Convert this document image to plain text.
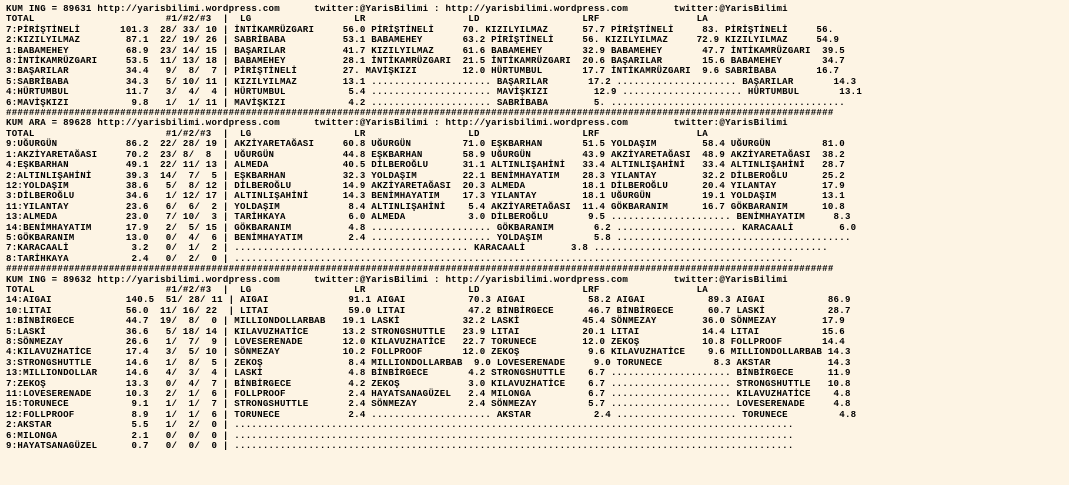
KUM ING = 89631 http://yarisbilimi.wordpress.com      twitter:@YarisBilimi : http://yarisbilimi.wordpress.com        twitter:@YarisBilimi
TOTAL                       #1/#2/#3  |  LG                  LR                  LD                  LRF                 LA
7:PİRİŞTİNELİ       101.3  28/ 33/ 10 | İNTİKAMRÜZGARI     56.0 PİRİŞTİNELİ     70. KIZILYILMAZ      57.7 PİRİŞTİNELİ     83. PİRİŞTİNELİ     56.
2:KIZILYILMAZ        87.1  22/ 19/ 26 | SABRİBABA          53.1 BABAMEHEY       63.2 PİRİŞTİNELİ     56. KIZILYILMAZ     72.9 KIZILYILMAZ     54.9
1:BABAMEHEY          68.9  23/ 14/ 15 | BAŞARILAR          41.7 KIZILYILMAZ     61.6 BABAMEHEY       32.9 BABAMEHEY       47.7 İNTİKAMRÜZGARI  39.5
8:İNTİKAMRÜZGARI     53.5  11/ 13/ 18 | BABAMEHEY          28.1 İNTİKAMRÜZGARI  21.5 İNTİKAMRÜZGARI  20.6 BAŞARILAR       15.6 BABAMEHEY       34.7
3:BAŞARILAR          34.4   9/  8/  7 | PİRİŞTİNELİ        27. MAVİŞKIZI        12.0 HÜRTUMBUL       17.7 İNTİKAMRÜZGARI  9.6 SABRİBABA       16.7
5:SABRİBABA          34.3   5/ 10/ 11 | KIZILYILMAZ        13.1 ..................... BAŞARILAR       17.2 ..................... BAŞARILAR       14.3
4:HÜRTUMBUL          11.7   3/  4/  4 | HÜRTUMBUL           5.4 ..................... MAVİŞKIZI        12.9 ..................... HÜRTUMBUL       13.1
6:MAVİŞKIZI           9.8   1/  1/ 11 | MAVİŞKIZI           4.2 ..................... SABRİBABA        5. .........................................
#################################################################################################################################################
KUM ARA = 89628 http://yarisbilimi.wordpress.com      twitter:@YarisBilimi : http://yarisbilimi.wordpress.com        twitter:@YarisBilimi
TOTAL                       #1/#2/#3  |  LG                  LR                  LD                  LRF                 LA
9:UĞURGÜN            86.2  22/ 28/ 19 | AKZİYARETAĞASI     60.8 UĞURGÜN         71.0 EŞKBARHAN       51.5 YOLDAŞIM        58.4 UĞURGÜN         81.0
1:AKZİYARETAĞASI     70.2  23/ 8/  8  | UĞURGÜN            44.8 EŞKBARHAN       58.9 UĞURGÜN         43.9 AKZİYARETAĞASI  48.9 AKZİYARETAĞASI  38.2
4:EŞKBARHAN          49.1  22/ 11/ 13 | ALMEDA             40.5 DİLBEROĞLU      31.1 ALTINLIŞAHİNİ   33.4 ALTINLIŞAHİNİ   33.4 ALTINLIŞAHİNİ   28.7
2:ALTINLIŞAHİNİ      39.3  14/  7/  5 | EŞKBARHAN          32.3 YOLDAŞIM        22.1 BENİMHAYATIM    28.3 YILANTAY        32.2 DİLBEROĞLU      25.2
12:YOLDAŞIM          38.6   5/  8/ 12 | DİLBEROĞLU         14.9 AKZİYARETAĞASI  20.3 ALMEDA          18.1 DİLBEROĞLU      20.4 YILANTAY        17.9
3:DİLBEROĞLU         34.6   1/ 12/ 17 | ALTINLIŞAHİNİ      14.3 BENİMHAYATIM    17.3 YILANTAY        18.1 UĞURGÜN         19.1 YOLDAŞIM        13.1
11:YILANTAY          23.6   6/  6/  2 | YOLDAŞIM            8.4 ALTINLIŞAHİNİ    5.4 AKZİYARETAĞASI  11.4 GÖKBARANIM      16.7 GÖKBARANIM      10.8
13:ALMEDA            23.0   7/ 10/  3 | TARİHKAYA           6.0 ALMEDA           3.0 DİLBEROĞLU       9.5 ..................... BENİMHAYATIM     8.3
14:BENİMHAYATIM      17.9   2/  5/ 15 | GÖKBARANIM          4.8 ..................... GÖKBARANIM       6.2 ..................... KARACAALİ        6.0
5:GÖKBARANIM         13.0   0/  4/  6 | BENİMHAYATIM        2.4 ..................... YOLDAŞIM         5.8 .........................................
7:KARACAALİ           3.2   0/  1/  2 | ......................................... KARACAALİ        3.8 .........................................
8:TARİHKAYA           2.4   0/  2/  0 | ..................................................................................................
#################################################################################################################################################
KUM ING = 89632 http://yarisbilimi.wordpress.com      twitter:@YarisBilimi : http://yarisbilimi.wordpress.com        twitter:@YarisBilimi
TOTAL                       #1/#2/#3  |  LG                  LR                  LD                  LRF                 LA
14:AIGAI             140.5  51/ 28/ 11 | AIGAI              91.1 AIGAI           70.3 AIGAI           58.2 AIGAI           89.3 AIGAI           86.9
10:LITAI             56.0  11/ 16/ 22  | LITAI              59.0 LITAI           47.2 BİNBİRGECE      46.7 BİNBİRGECE      60.7 LASKİ           28.7
1:BİNBİRGECE         44.7  19/  8/  0 | MILLIONDOLLARBAB   19.1 LASKİ           32.2 LASKİ           45.4 SÖNMEZAY        36.0 SÖNMEZAY        17.9
5:LASKİ              36.6   5/ 18/ 14 | KILAVUZHATİCE      13.2 STRONGSHUTTLE   23.9 LITAI           20.1 LITAI           14.4 LITAI           15.6
8:SÖNMEZAY           26.6   1/  7/  9 | LOVESERENADE       12.0 KILAVUZHATİCE   22.7 TORUNECE        12.0 ZEKOŞ           10.8 FOLLPROOF       14.4
4:KILAVUZHATİCE      17.4   3/  5/ 10 | SÖNMEZAY           10.2 FOLLPROOF       12.0 ZEKOŞ            9.6 KILAVUZHATİCE    9.6 MILLIONDOLLARBAB 14.3
3:STRONGSHUTTLE      14.6   1/  8/  5 | ZEKOŞ               8.4 MILLIONDOLLARBAB  9.0 LOVESERENADE     9.0 TORUNECE         8.3 AKSTAR          14.3
13:MILLIONDOLLAR     14.6   4/  3/  4 | LASKİ               4.8 BİNBİRGECE       4.2 STRONGSHUTTLE    6.7 ..................... BİNBİRGECE      11.9
7:ZEKOŞ              13.3   0/  4/  7 | BİNBİRGECE          4.2 ZEKOŞ            3.0 KILAVUZHATİCE    6.7 ..................... STRONGSHUTTLE   10.8
11:LOVESERENADE      10.3   2/  1/  6 | FOLLPROOF           2.4 HAYATSANAGÜZEL   2.4 MILONGA          6.7 ..................... KILAVUZHATİCE    4.8
15:TORUNECE           9.1   1/  1/  7 | STRONGSHUTTLE       2.4 SÖNMEZAY         2.4 SÖNMEZAY         5.7 ..................... LOVESERENADE     4.8
12:FOLLPROOF          8.9   1/  1/  6 | TORUNECE            2.4 ..................... AKSTAR           2.4 ..................... TORUNECE         4.8
2:AKSTAR              5.5   1/  2/  0 | ..................................................................................................
6:MILONGA             2.1   0/  0/  0 | ..................................................................................................
9:HAYATSANAGÜZEL      0.7   0/  0/  0 | ..................................................................................................
